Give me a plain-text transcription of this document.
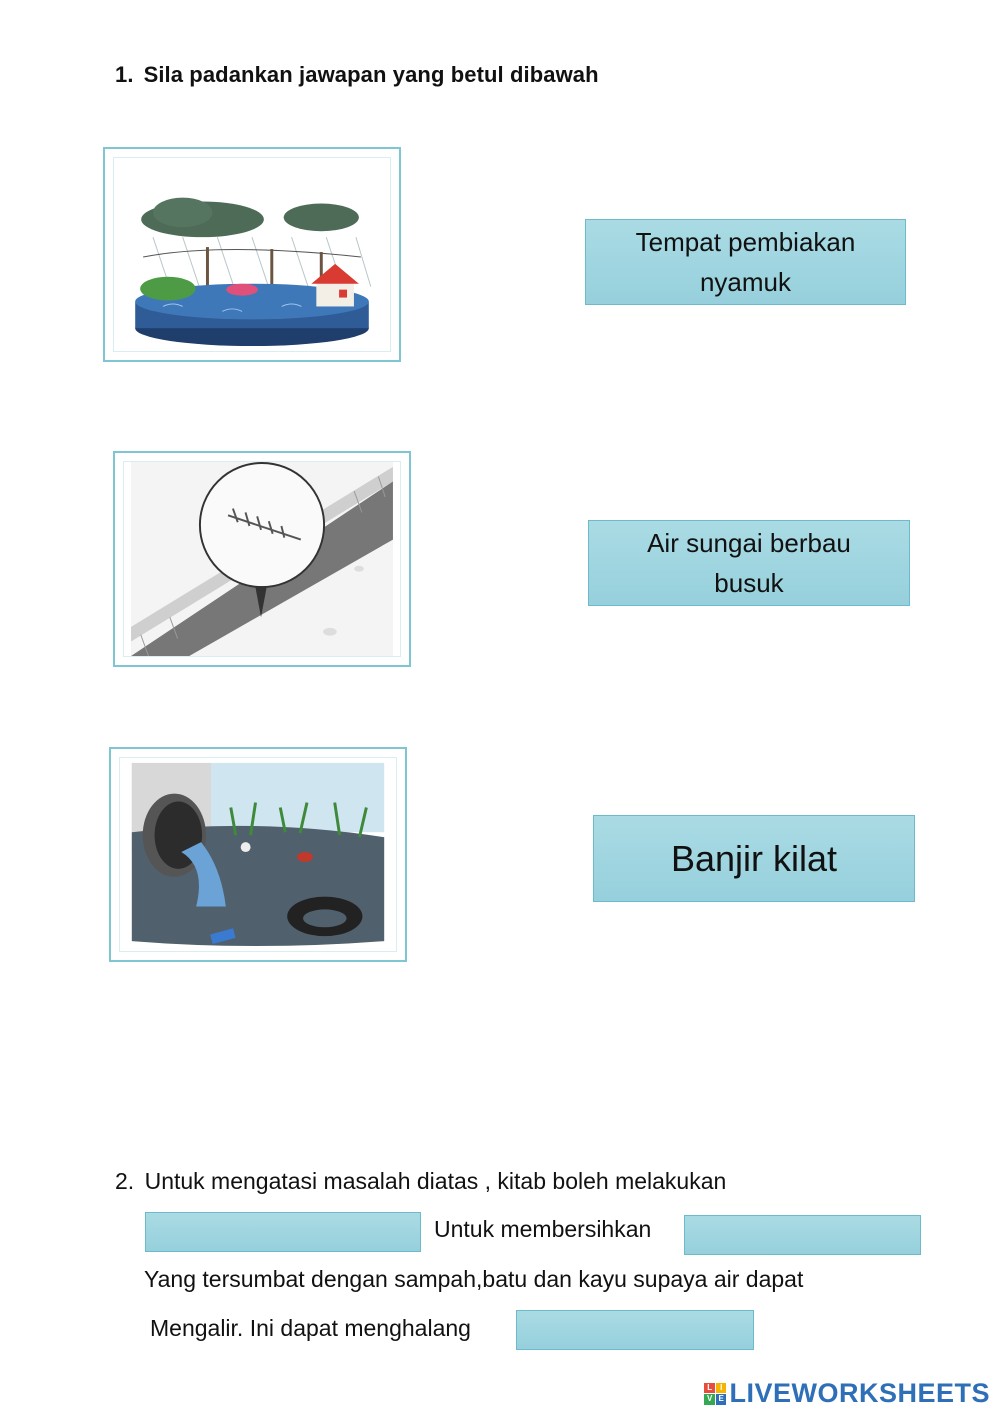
1. Sila padankan jawapan yang betul dibawah
Tempat pembiakan
nyamuk
Air sungai berbau
busuk
Banjir kilat
2. Untuk mengatasi masalah diatas , kitab boleh melakukan
Untuk membersihkan
Yang tersumbat dengan sampah,batu dan kayu supaya air dapat
Mengalir. Ini dapat menghalang
L I
V E LIVEWORKSHEETS
